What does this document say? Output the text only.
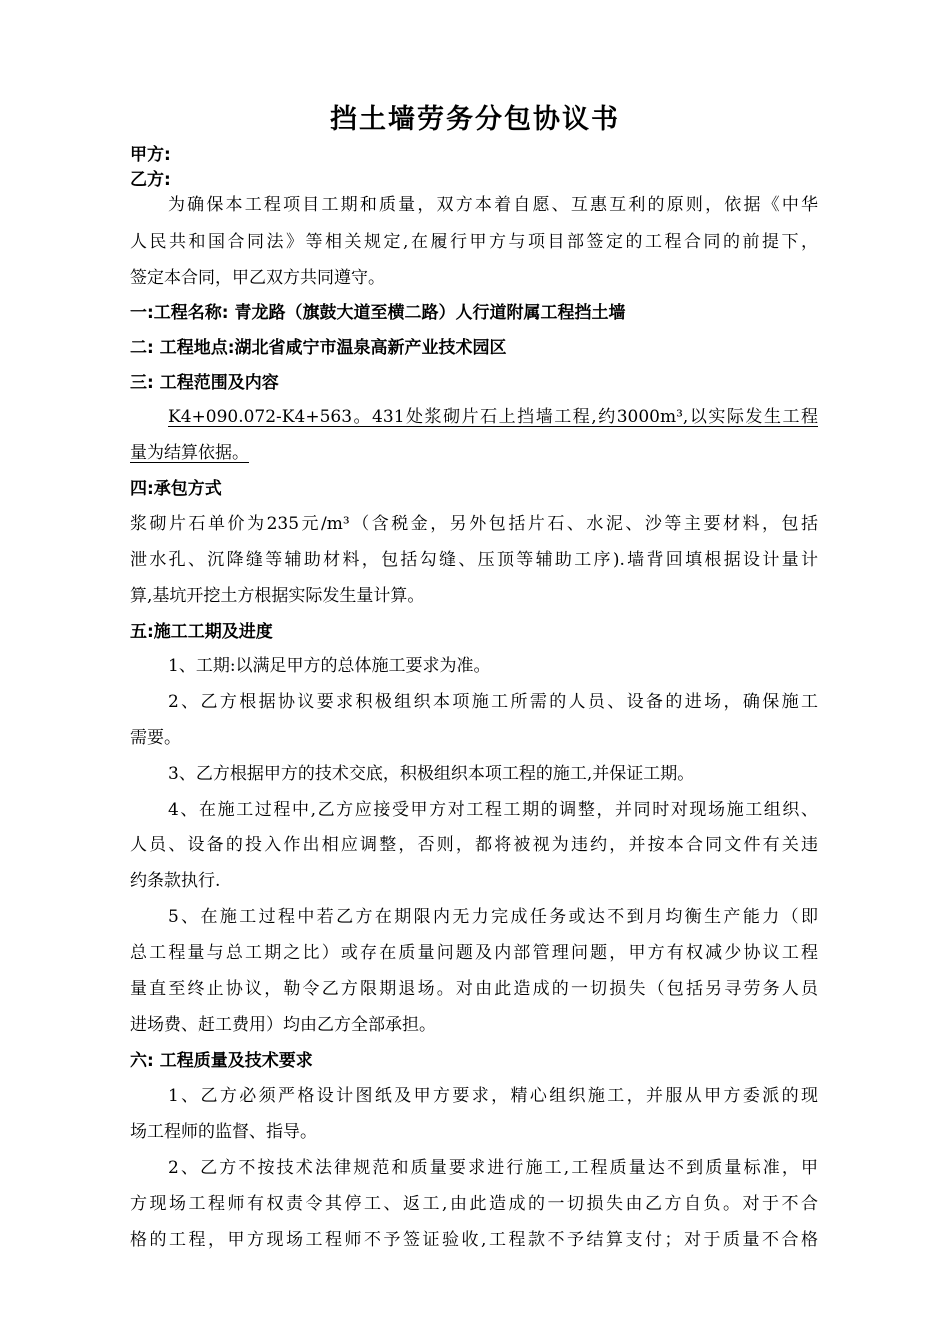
挡土墙劳务分包协议书
甲方:
乙方:
为确保本工程项目工期和质量，双方本着自愿、互惠互利的原则，依据《中华
人民共和国合同法》等相关规定,在履行甲方与项目部签定的工程合同的前提下，
签定本合同，甲乙双方共同遵守。
一:工程名称: 青龙路（旗鼓大道至横二路）人行道附属工程挡土墙
二: 工程地点:湖北省咸宁市温泉高新产业技术园区
三: 工程范围及内容
K4+090.072-K4+563。431处浆砌片石上挡墙工程,约3000m³,以实际发生工程
量为结算依据。
四:承包方式
浆砌片石单价为235元/m³（含税金，另外包括片石、水泥、沙等主要材料，包括
泄水孔、沉降缝等辅助材料，包括勾缝、压顶等辅助工序).墙背回填根据设计量计
算,基坑开挖土方根据实际发生量计算。
五:施工工期及进度
1、工期:以满足甲方的总体施工要求为准。
2、乙方根据协议要求积极组织本项施工所需的人员、设备的进场，确保施工
需要。
3、乙方根据甲方的技术交底，积极组织本项工程的施工,并保证工期。
4、在施工过程中,乙方应接受甲方对工程工期的调整，并同时对现场施工组织、
人员、设备的投入作出相应调整，否则，都将被视为违约，并按本合同文件有关违
约条款执行.
5、在施工过程中若乙方在期限内无力完成任务或达不到月均衡生产能力（即
总工程量与总工期之比）或存在质量问题及内部管理问题，甲方有权减少协议工程
量直至终止协议，勒令乙方限期退场。对由此造成的一切损失（包括另寻劳务人员
进场费、赶工费用）均由乙方全部承担。
六: 工程质量及技术要求
1、乙方必须严格设计图纸及甲方要求，精心组织施工，并服从甲方委派的现
场工程师的监督、指导。
2、乙方不按技术法律规范和质量要求进行施工,工程质量达不到质量标准，甲
方现场工程师有权责令其停工、返工,由此造成的一切损失由乙方自负。对于不合
格的工程，甲方现场工程师不予签证验收,工程款不予结算支付；对于质量不合格
